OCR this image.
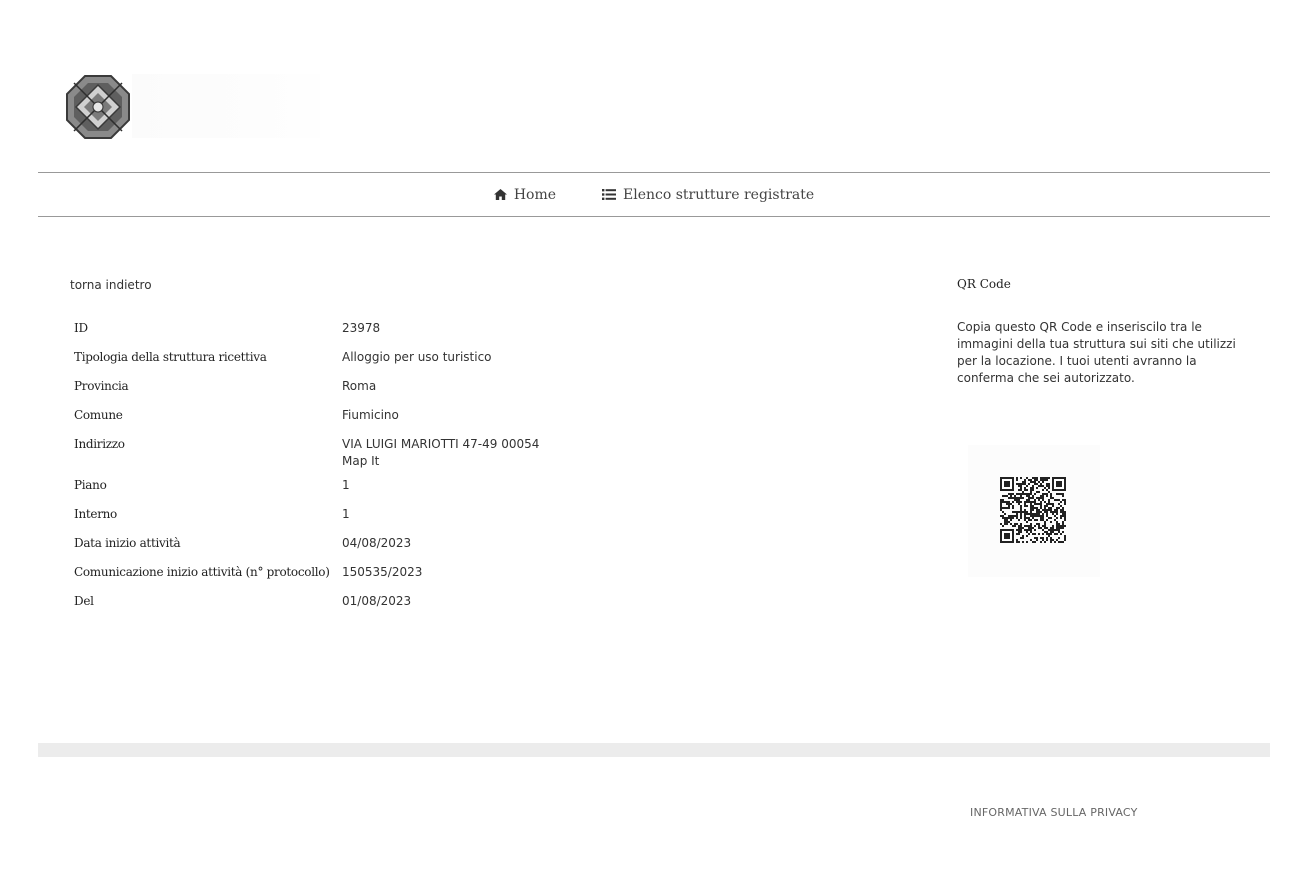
Home	Elenco strutture registrate
torna indietro
ID	23978
Tipologia della struttura ricettiva	Alloggio per uso turistico
Provincia	Roma
Comune	Fiumicino
Indirizzo	VIA LUIGI MARIOTTI 47-49 00054
Map It

Piano	1
Interno	1
Data inizio attività	04/08/2023
Comunicazione inizio attività (n° protocollo)	150535/2023
Del	01/08/2023
QR Code
Copia questo QR Code e inseriscilo tra le immagini della tua struttura sui siti che utilizzi per la locazione. I tuoi utenti avranno la conferma che sei autorizzato.
INFORMATIVA SULLA PRIVACY
